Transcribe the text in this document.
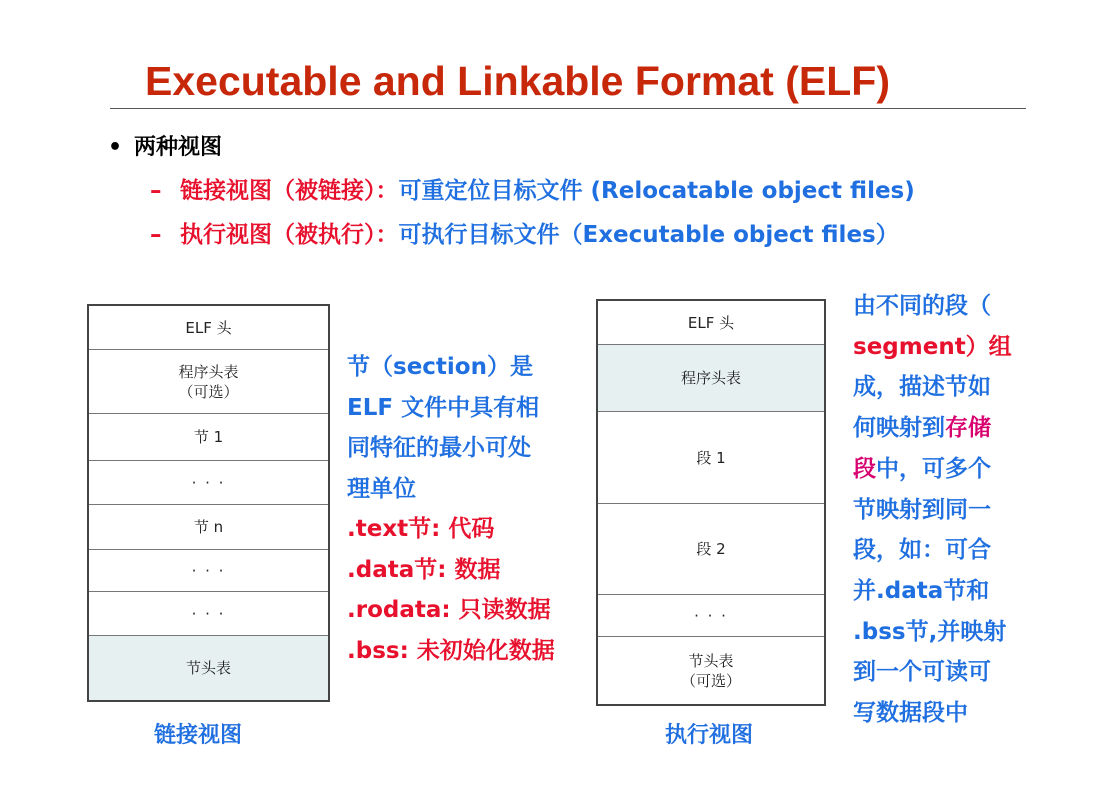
Executable and Linkable Format (ELF)
• 两种视图
– 链接视图（被链接）：可重定位目标文件 (Relocatable object files)
– 执行视图（被执行）：可执行目标文件（Executable object files）
ELF 头
程序头表
（可选）
节 1
· · ·
节 n
· · ·
· · ·
节头表
链接视图
ELF 头
程序头表
段 1
段 2
· · ·
节头表
（可选）
执行视图
节（section）是
ELF 文件中具有相
同特征的最小可处
理单位
.text节: 代码
.data节: 数据
.rodata: 只读数据
.bss: 未初始化数据
由不同的段（
segment）组
成，描述节如
何映射到存储
段中，可多个
节映射到同一
段，如：可合
并.data节和
.bss节,并映射
到一个可读可
写数据段中
